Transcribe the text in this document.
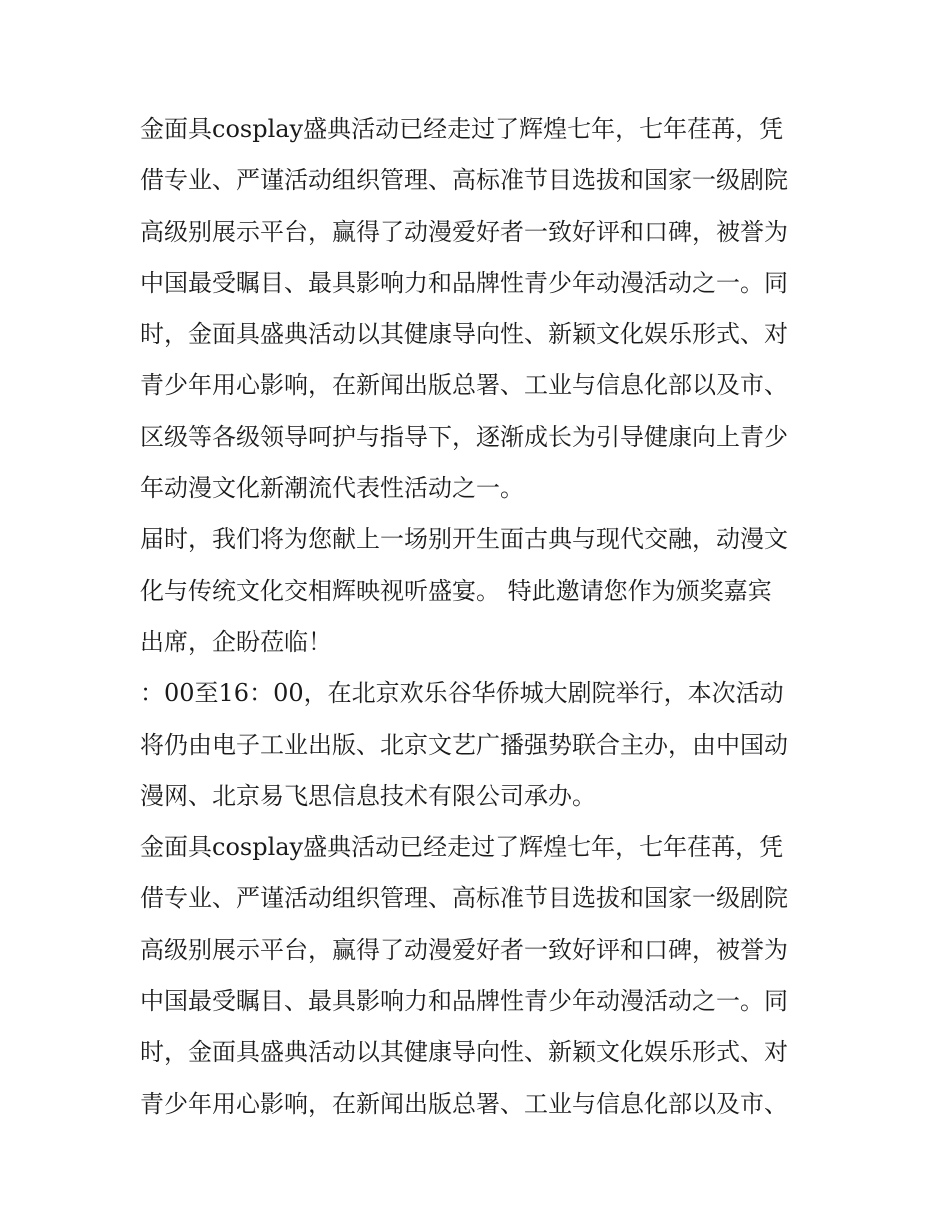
金面具cosplay盛典活动已经走过了辉煌七年，七年荏苒，凭
借专业、严谨活动组织管理、高标准节目选拔和国家一级剧院
高级别展示平台，赢得了动漫爱好者一致好评和口碑，被誉为
中国最受瞩目、最具影响力和品牌性青少年动漫活动之一。同
时，金面具盛典活动以其健康导向性、新颖文化娱乐形式、对
青少年用心影响，在新闻出版总署、工业与信息化部以及市、
区级等各级领导呵护与指导下，逐渐成长为引导健康向上青少
年动漫文化新潮流代表性活动之一。

届时，我们将为您献上一场别开生面古典与现代交融，动漫文
化与传统文化交相辉映视听盛宴。 特此邀请您作为颁奖嘉宾
出席，企盼莅临！

：00至16：00，在北京欢乐谷华侨城大剧院举行，本次活动
将仍由电子工业出版、北京文艺广播强势联合主办，由中国动
漫网、北京易飞思信息技术有限公司承办。

金面具cosplay盛典活动已经走过了辉煌七年，七年荏苒，凭
借专业、严谨活动组织管理、高标准节目选拔和国家一级剧院
高级别展示平台，赢得了动漫爱好者一致好评和口碑，被誉为
中国最受瞩目、最具影响力和品牌性青少年动漫活动之一。同
时，金面具盛典活动以其健康导向性、新颖文化娱乐形式、对
青少年用心影响，在新闻出版总署、工业与信息化部以及市、
